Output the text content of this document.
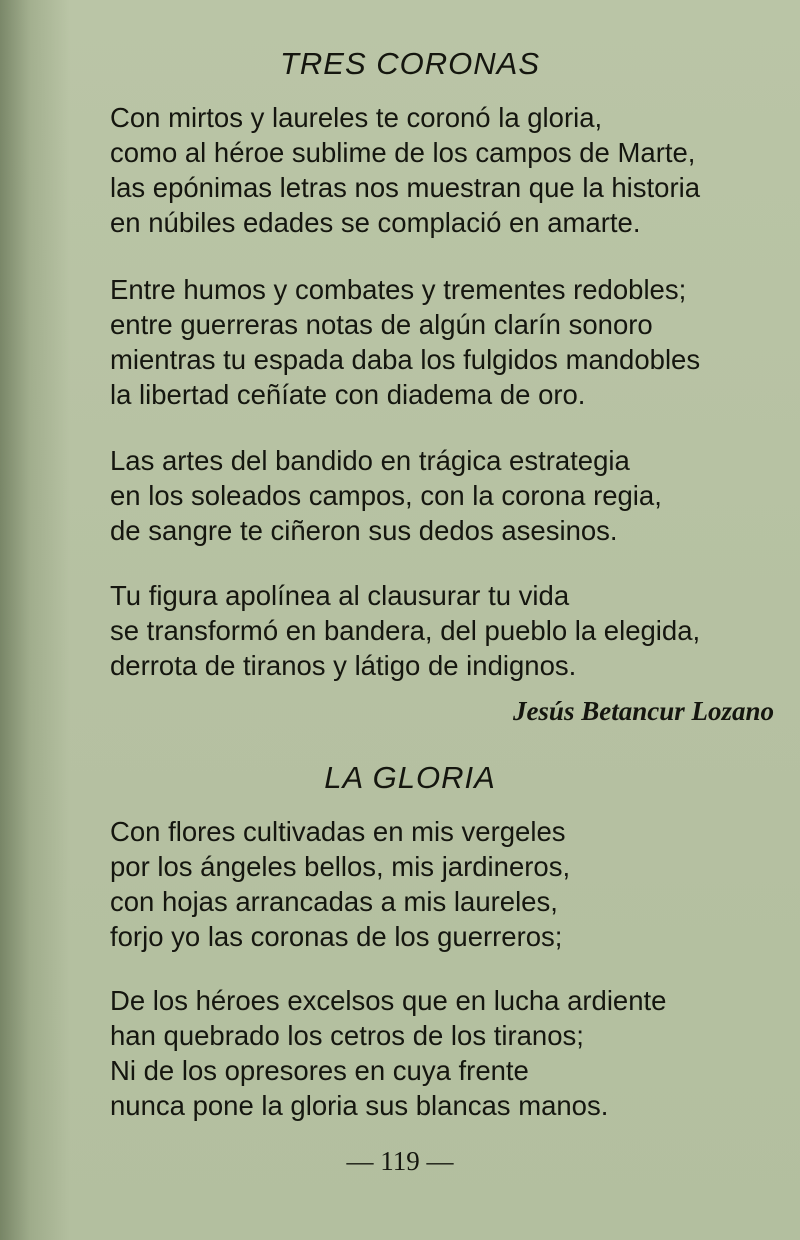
TRES CORONAS
Con mirtos y laureles te coronó la gloria,
como al héroe sublime de los campos de Marte,
las epónimas letras nos muestran que la historia
en núbiles edades se complació en amarte.
Entre humos y combates y trementes redobles;
entre guerreras notas de algún clarín sonoro
mientras tu espada daba los fulgidos mandobles
la libertad ceñíate con diadema de oro.
Las artes del bandido en trágica estrategia
en los soleados campos, con la corona regia,
de sangre te ciñeron sus dedos asesinos.
Tu figura apolínea al clausurar tu vida
se transformó en bandera, del pueblo la elegida,
derrota de tiranos y látigo de indignos.
Jesús Betancur Lozano
LA GLORIA
Con flores cultivadas en mis vergeles
por los ángeles bellos, mis jardineros,
con hojas arrancadas a mis laureles,
forjo yo las coronas de los guerreros;
De los héroes excelsos que en lucha ardiente
han quebrado los cetros de los tiranos;
Ni de los opresores en cuya frente
nunca pone la gloria sus blancas manos.
— 119 —
